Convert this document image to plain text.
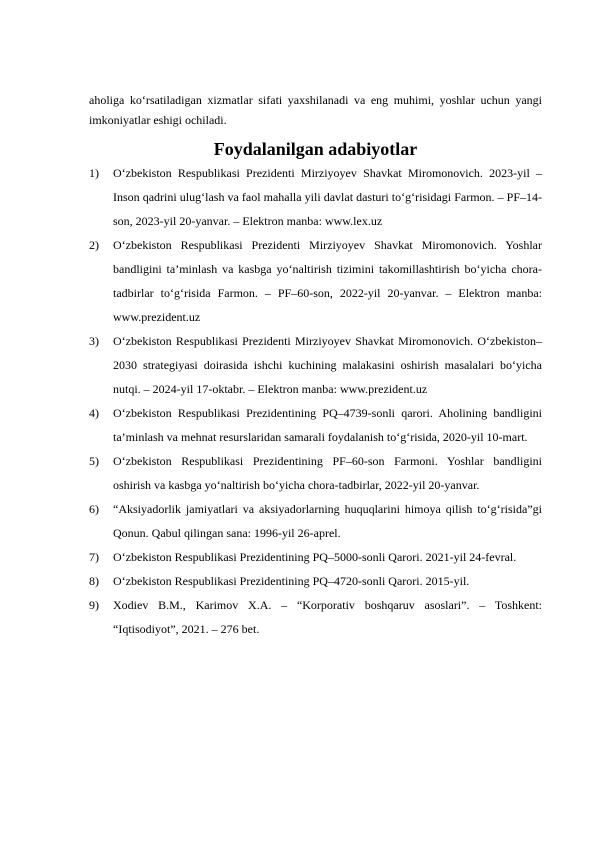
aholiga ko‘rsatiladigan xizmatlar sifati yaxshilanadi va eng muhimi, yoshlar uchun yangi imkoniyatlar eshigi ochiladi.

Foydalanilgan adabiyotlar
1) O‘zbekiston Respublikasi Prezidenti Mirziyoyev Shavkat Miromonovich. 2023-yil – Inson qadrini ulug‘lash va faol mahalla yili davlat dasturi to‘g‘risidagi Farmon. – PF–14-son, 2023-yil 20-yanvar. – Elektron manba: www.lex.uz
2) O‘zbekiston Respublikasi Prezidenti Mirziyoyev Shavkat Miromonovich. Yoshlar bandligini ta’minlash va kasbga yo‘naltirish tizimini takomillashtirish bo‘yicha chora-tadbirlar to‘g‘risida Farmon. – PF–60-son, 2022-yil 20-yanvar. – Elektron manba: www.prezident.uz
3) O‘zbekiston Respublikasi Prezidenti Mirziyoyev Shavkat Miromonovich. O‘zbekiston–2030 strategiyasi doirasida ishchi kuchining malakasini oshirish masalalari bo‘yicha nutqi. – 2024-yil 17-oktabr. – Elektron manba: www.prezident.uz
4) O‘zbekiston Respublikasi Prezidentining PQ–4739-sonli qarori. Aholining bandligini ta’minlash va mehnat resurslaridan samarali foydalanish to‘g‘risida, 2020-yil 10-mart.
5) O‘zbekiston Respublikasi Prezidentining PF–60-son Farmoni. Yoshlar bandligini oshirish va kasbga yo‘naltirish bo‘yicha chora-tadbirlar, 2022-yil 20-yanvar.
6) “Aksiyadorlik jamiyatlari va aksiyadorlarning huquqlarini himoya qilish to‘g‘risida”gi Qonun. Qabul qilingan sana: 1996-yil 26-aprel.
7) O‘zbekiston Respublikasi Prezidentining PQ–5000-sonli Qarori. 2021-yil 24-fevral.
8) O‘zbekiston Respublikasi Prezidentining PQ–4720-sonli Qarori. 2015-yil.
9) Xodiev B.M., Karimov X.A. – “Korporativ boshqaruv asoslari”. – Toshkent: “Iqtisodiyot”, 2021. – 276 bet.
